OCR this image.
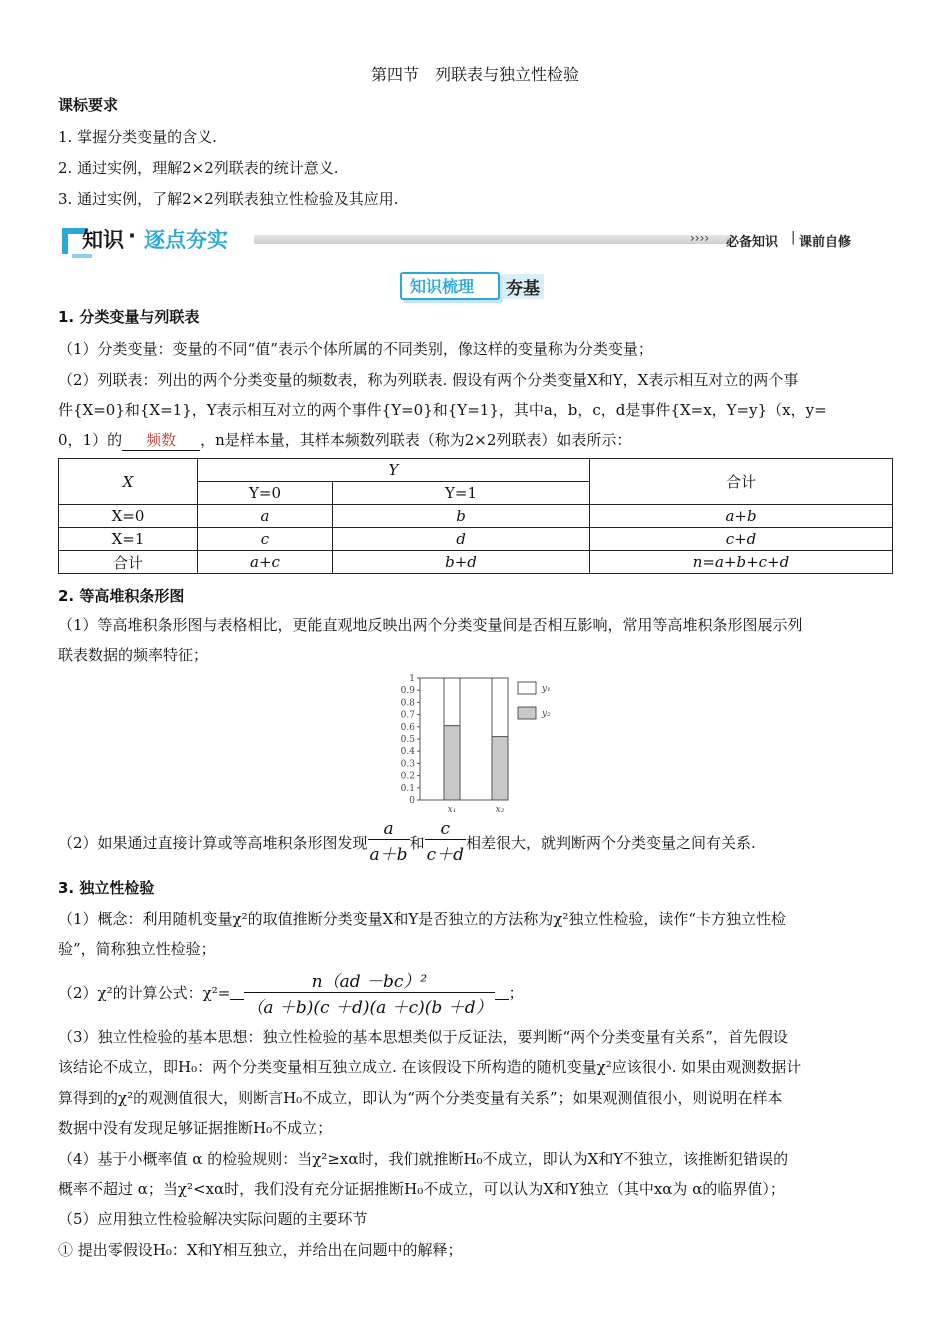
第四节　列联表与独立性检验
课标要求
1. 掌握分类变量的含义.
2. 通过实例，理解2×2列联表的统计意义.
3. 通过实例，了解2×2列联表独立性检验及其应用.
知识 · 逐点夯实	›››› 必备知识 | 课前自修
知识梳理 夯基
1. 分类变量与列联表
（1）分类变量：变量的不同“值”表示个体所属的不同类别，像这样的变量称为分类变量；
（2）列联表：列出的两个分类变量的频数表，称为列联表. 假设有两个分类变量X和Y，X表示相互对立的两个事
件{X=0}和{X=1}，Y表示相互对立的两个事件{Y=0}和{Y=1}，其中a，b，c，d是事件{X=x，Y=y}（x，y=
0，1）的 频数 ，n是样本量，其样本频数列联表（称为2×2列联表）如表所示：
X	Y		合计
	Y=0	Y=1	
X=0	a	b	a+b
X=1	c	d	c+d
合计	a+c	b+d	n=a+b+c+d
2. 等高堆积条形图
（1）等高堆积条形图与表格相比，更能直观地反映出两个分类变量间是否相互影响，常用等高堆积条形图展示列
联表数据的频率特征；
0
0.1
0.2
0.3
0.4
0.5
0.6
0.7
0.8
0.9
1
x₁	x₂
y₁
y₂
（2）如果通过直接计算或等高堆积条形图发现 $\frac{a}{a+b}$ 和 $\frac{c}{c+d}$ 相差很大，就判断两个分类变量之间有关系.
3. 独立性检验
（1）概念：利用随机变量χ²的取值推断分类变量X和Y是否独立的方法称为χ²独立性检验，读作“卡方独立性检
验”，简称独立性检验；
（2）χ²的计算公式：$\chi^2= \frac{\text{n（ad －bc）²}}{(a +b)(c +d)(a +c)(b +d)}$ ；
（3）独立性检验的基本思想：独立性检验的基本思想类似于反证法，要判断“两个分类变量有关系”，首先假设
该结论不成立，即H₀：两个分类变量相互独立成立. 在该假设下所构造的随机变量χ²应该很小. 如果由观测数据计
算得到的χ²的观测值很大，则断言H₀不成立，即认为“两个分类变量有关系”；如果观测值很小，则说明在样本
数据中没有发现足够证据推断H₀不成立；
（4）基于小概率值 α 的检验规则：当χ²≥xα时，我们就推断H₀不成立，即认为X和Y不独立，该推断犯错误的
概率不超过 α；当χ²<xα时，我们没有充分证据推断H₀不成立，可以认为X和Y独立（其中xα为 α的临界值）；
（5）应用独立性检验解决实际问题的主要环节
① 提出零假设H₀：X和Y相互独立，并给出在问题中的解释；
